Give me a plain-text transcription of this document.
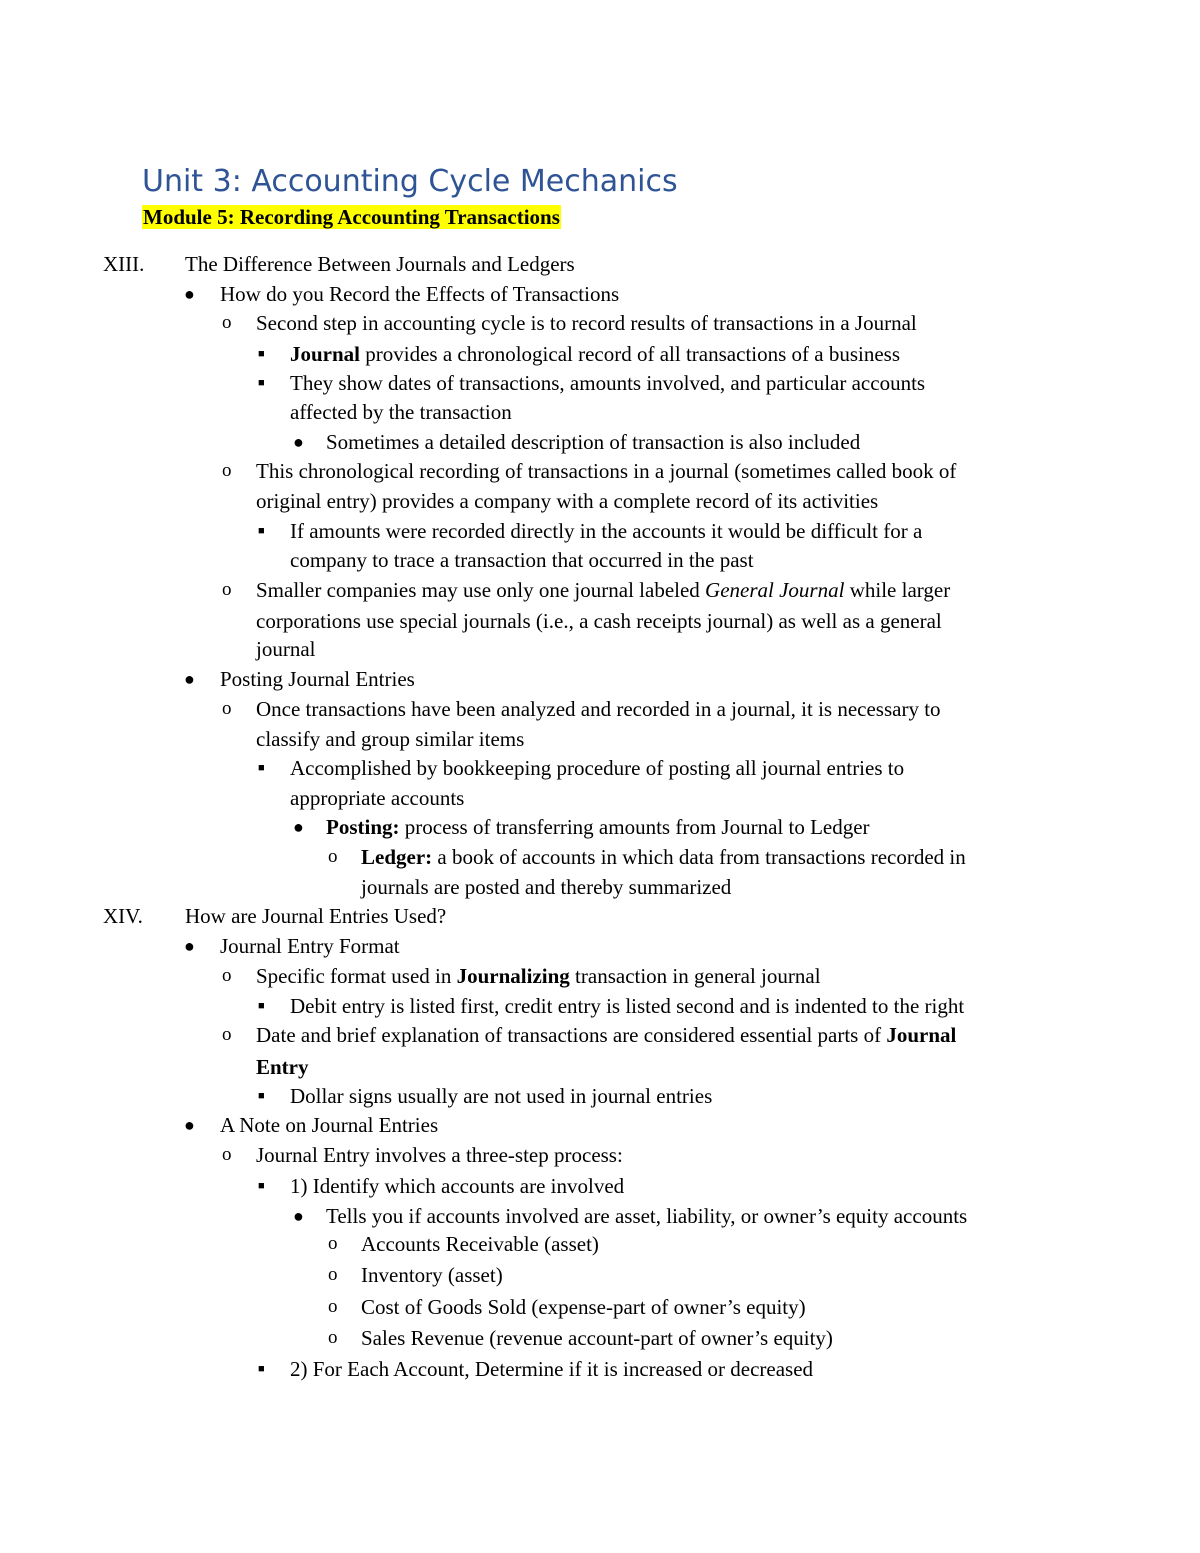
Unit 3: Accounting Cycle Mechanics
Module 5: Recording Accounting Transactions
XIII. The Difference Between Journals and Ledgers
● How do you Record the Effects of Transactions
o Second step in accounting cycle is to record results of transactions in a Journal
■ Journal provides a chronological record of all transactions of a business
■ They show dates of transactions, amounts involved, and particular accounts
affected by the transaction
● Sometimes a detailed description of transaction is also included
o This chronological recording of transactions in a journal (sometimes called book of
original entry) provides a company with a complete record of its activities
■ If amounts were recorded directly in the accounts it would be difficult for a
company to trace a transaction that occurred in the past
o Smaller companies may use only one journal labeled General Journal while larger
corporations use special journals (i.e., a cash receipts journal) as well as a general
journal
● Posting Journal Entries
o Once transactions have been analyzed and recorded in a journal, it is necessary to
classify and group similar items
■ Accomplished by bookkeeping procedure of posting all journal entries to
appropriate accounts
● Posting: process of transferring amounts from Journal to Ledger
o Ledger: a book of accounts in which data from transactions recorded in
journals are posted and thereby summarized
XIV. How are Journal Entries Used?
● Journal Entry Format
o Specific format used in Journalizing transaction in general journal
■ Debit entry is listed first, credit entry is listed second and is indented to the right
o Date and brief explanation of transactions are considered essential parts of Journal
Entry
■ Dollar signs usually are not used in journal entries
● A Note on Journal Entries
o Journal Entry involves a three-step process:
■ 1) Identify which accounts are involved
● Tells you if accounts involved are asset, liability, or owner’s equity accounts
o Accounts Receivable (asset)
o Inventory (asset)
o Cost of Goods Sold (expense-part of owner’s equity)
o Sales Revenue (revenue account-part of owner’s equity)
■ 2) For Each Account, Determine if it is increased or decreased
